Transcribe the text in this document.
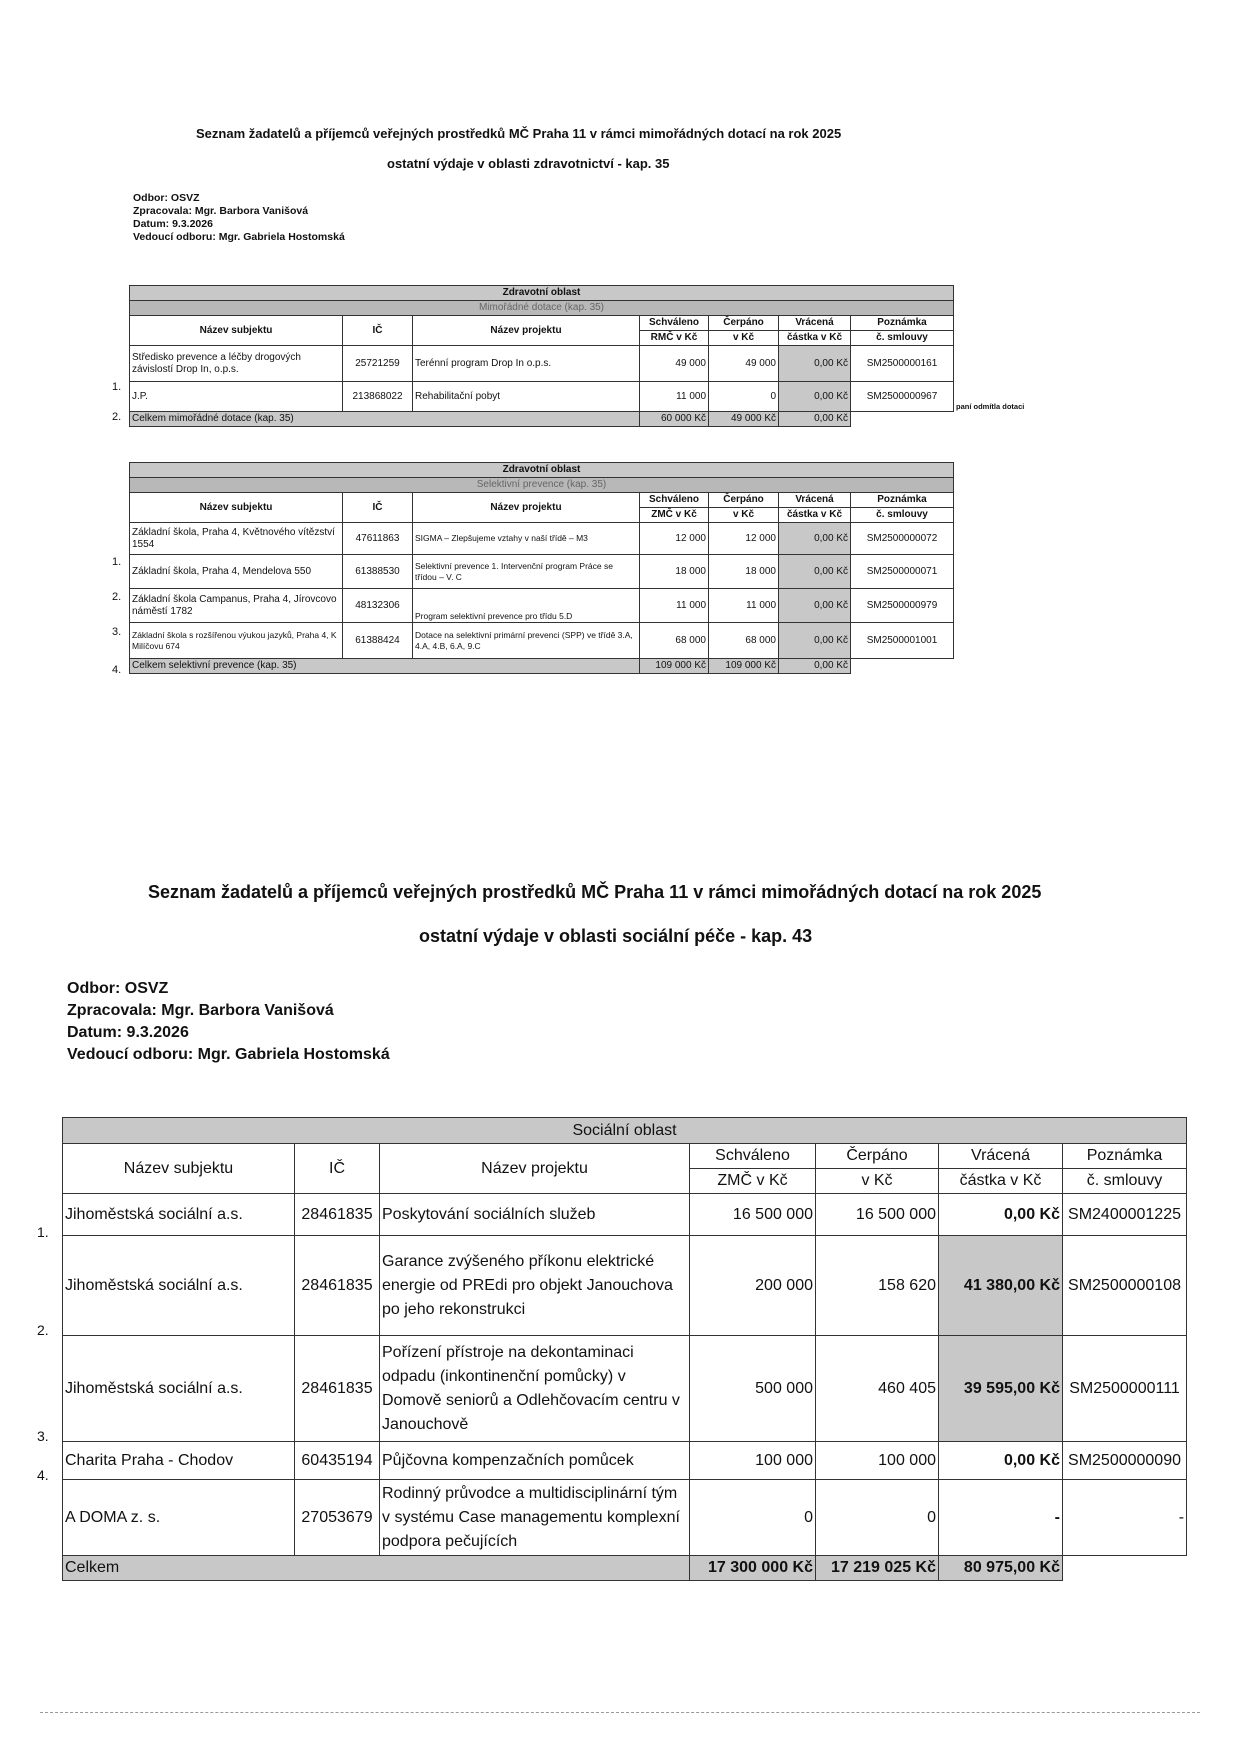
Seznam žadatelů a příjemců veřejných prostředků MČ Praha 11 v rámci mimořádných dotací na rok 2025
ostatní výdaje v oblasti zdravotnictví - kap. 35
Odbor: OSVZ
Zpracovala: Mgr. Barbora Vanišová
Datum: 9.3.2026
Vedoucí odboru: Mgr. Gabriela Hostomská
Zdravotní oblast						
Mimořádné dotace (kap. 35)						
Název subjektu	IČ	Název projektu	Schváleno	Čerpáno	Vrácená	Poznámka
			RMČ v Kč	v Kč	částka v Kč	č. smlouvy
Středisko prevence a léčby drogových závislostí Drop In, o.p.s.	25721259	Terénní program Drop In o.p.s.	49 000	49 000	0,00 Kč	SM2500000161
J.P.	213868022	Rehabilitační pobyt	11 000	0	0,00 Kč	SM2500000967
Celkem mimořádné dotace (kap. 35)			60 000 Kč	49 000 Kč	0,00 Kč	
1.
2.
paní odmítla dotaci
Zdravotní oblast						
Selektivní prevence (kap. 35)						
Název subjektu	IČ	Název projektu	Schváleno	Čerpáno	Vrácená	Poznámka
			ZMČ v Kč	v Kč	částka v Kč	č. smlouvy
Základní škola, Praha 4, Květnového vítězství 1554	47611863	SIGMA – Zlepšujeme vztahy v naší třídě – M3	12 000	12 000	0,00 Kč	SM2500000072
Základní škola, Praha 4, Mendelova 550	61388530	Selektivní prevence 1. Intervenční program Práce se třídou – V. C	18 000	18 000	0,00 Kč	SM2500000071
Základní škola Campanus, Praha 4, Jírovcovo náměstí 1782	48132306	Program selektivní prevence pro třídu 5.D	11 000	11 000	0,00 Kč	SM2500000979
Základní škola s rozšířenou výukou jazyků, Praha 4, K Milíčovu 674	61388424	Dotace na selektivní primární prevenci (SPP) ve třídě 3.A, 4.A, 4.B, 6.A, 9.C	68 000	68 000	0,00 Kč	SM2500001001
Celkem selektivní prevence (kap. 35)			109 000 Kč	109 000 Kč	0,00 Kč	
1.
2.
3.
4.
Seznam žadatelů a příjemců veřejných prostředků MČ Praha 11 v rámci mimořádných dotací na rok 2025
ostatní výdaje v oblasti sociální péče - kap. 43
Odbor: OSVZ
Zpracovala: Mgr. Barbora Vanišová
Datum: 9.3.2026
Vedoucí odboru: Mgr. Gabriela Hostomská
Sociální oblast						
Název subjektu	IČ	Název projektu	Schváleno	Čerpáno	Vrácená	Poznámka
			ZMČ v Kč	v Kč	částka v Kč	č. smlouvy
Jihoměstská sociální a.s.	28461835	Poskytování sociálních služeb	16 500 000	16 500 000	0,00 Kč	SM2400001225
Jihoměstská sociální a.s.	28461835	Garance zvýšeného příkonu elektrické energie od PREdi pro objekt Janouchova po jeho rekonstrukci	200 000	158 620	41 380,00 Kč	SM2500000108
Jihoměstská sociální a.s.	28461835	Pořízení přístroje na dekontaminaci odpadu (inkontinenční pomůcky) v Domově seniorů a Odlehčovacím centru v Janouchově	500 000	460 405	39 595,00 Kč	SM2500000111
Charita Praha - Chodov	60435194	Půjčovna kompenzačních pomůcek	100 000	100 000	0,00 Kč	SM2500000090
A DOMA z. s.	27053679	Rodinný průvodce a multidisciplinární tým v systému Case managementu komplexní podpora pečujících	0	0	-	-
Celkem			17 300 000 Kč	17 219 025 Kč	80 975,00 Kč	
1.
2.
3.
4.
